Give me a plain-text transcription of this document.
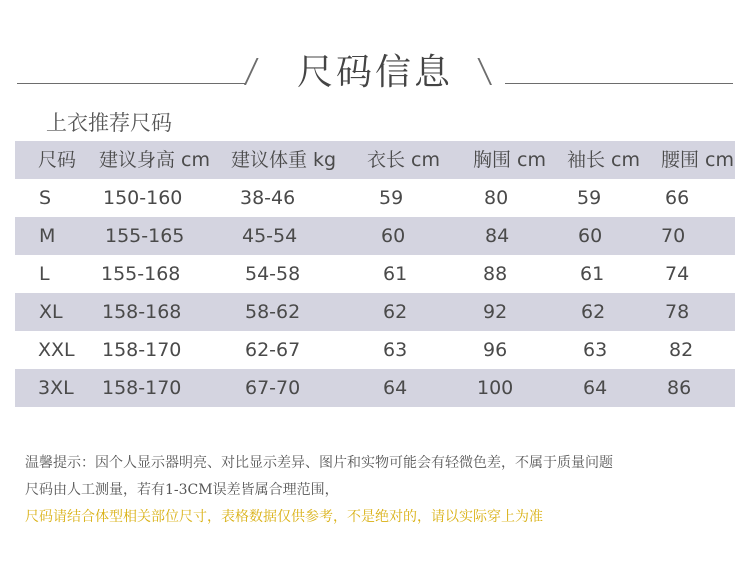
尺码信息
上衣推荐尺码
尺码 建议身高 cm 建议体重 kg 衣长 cm 胸围 cm 袖长 cm 腰围 cm
S	150-160	38-46	59	80	59	66
M	155-165	45-54	60	84	60	70
L	155-168	54-58	61	88	61	74
XL 158-168	58-62	62	92	62	78
XXL 158-170	62-67	63	96	63	82
3XL 158-170	67-70	64	100	64	86
温馨提示：因个人显示器明亮、对比显示差异、图片和实物可能会有轻微色差，不属于质量问题
尺码由人工测量，若有1-3CM误差皆属合理范围，
尺码请结合体型相关部位尺寸，表格数据仅供参考，不是绝对的，请以实际穿上为准
